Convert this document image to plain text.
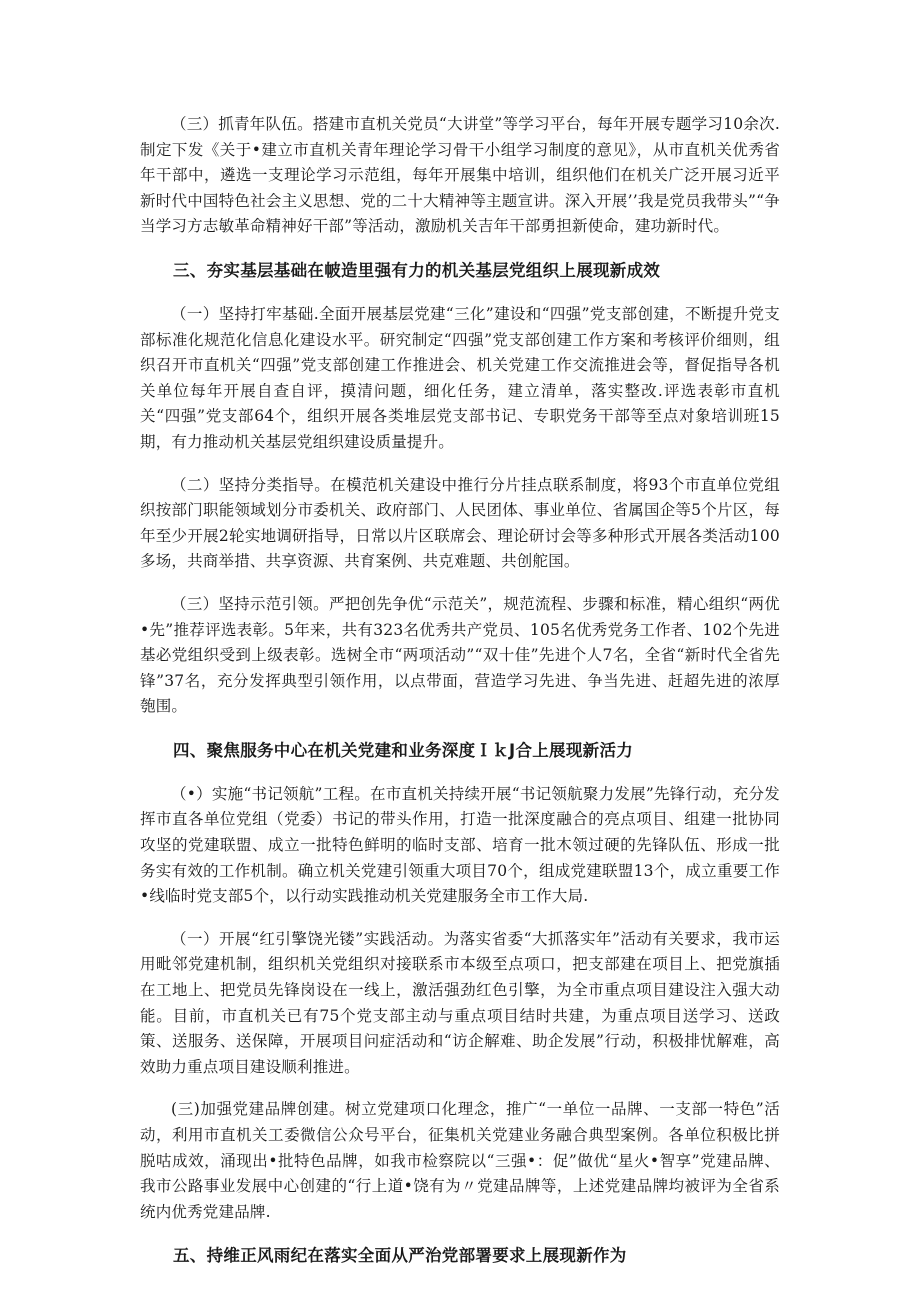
（三）抓青年队伍。搭建市直机关党员“大讲堂”等学习平台，每年开展专题学习10余次.制定下发《关于•建立市直机关青年理论学习骨干小组学习制度的意见》，从市直机关优秀省年干部中，遴选一支理论学习示范组，每年开展集中培训，组织他们在机关广泛开展习近平新时代中国特色社会主义思想、党的二十大精神等主题宣讲。深入开展’’我是党员我带头”“争当学习方志敏革命精神好干部”等活动，激励机关吉年干部勇担新使命，建功新时代。

三、夯实基层基础在帔造里强有力的机关基层党组织上展现新成效

（一）坚持打牢基础.全面开展基层党建“三化”建设和“四强”党支部创建，不断提升党支部标准化规范化信息化建设水平。研究制定“四强”党支部创建工作方案和考核评价细则，组织召开市直机关“四强”党支部创建工作推进会、机关党建工作交流推进会等，督促指导各机关单位每年开展自查自评，摸清问题，细化任务，建立清单，落实整改.评选表彰市直机关“四强”党支部64个，组织开展各类堆层党支部书记、专职党务干部等至点对象培训班15期，有力推动机关基层党组织建设质量提升。

（二）坚持分类指导。在模范机关建设中推行分片挂点联系制度，将93个市直单位党组织按部门职能领域划分市委机关、政府部门、人民团体、事业单位、省属国企等5个片区，每年至少开展2轮实地调研指导，日常以片区联席会、理论研讨会等多种形式开展各类活动100多场，共商举措、共享资源、共育案例、共克难题、共创舵国。

（三）坚持示范引领。严把创先争优“示范关”，规范流程、步骤和标准，精心组织“两优•先”推荐评选表彰。5年来，共有323名优秀共产党员、105名优秀党务工作者、102个先进基必党组织受到上级表彰。选树全市“两项活动”“双十佳”先进个人7名，全省“新时代全省先锋”37名，充分发挥典型引领作用，以点带面，营造学习先进、争当先进、赶超先进的浓厚匏围。

四、聚焦服务中心在机关党建和业务深度ＩｋJ合上展现新活力

（•）实施“书记领航”工程。在市直机关持续开展“书记领航聚力发展”先锋行动，充分发挥市直各单位党组（党委）书记的带头作用，打造一批深度融合的亮点项目、组建一批协同攻坚的党建联盟、成立一批特色鲜明的临时支部、培育一批木领过硬的先锋队伍、形成一批务实有效的工作机制。确立机关党建引领重大项目70个，组成党建联盟13个，成立重要工作•线临时党支部5个，以行动实践推动机关党建服务全市工作大局.

（一）开展“红引擎饶光镂”实践活动。为落实省委“大抓落实年”活动有关要求，我市运用毗邻党建机制，组织机关党组织对接联系市本级至点项口，把支部建在项目上、把党旗插在工地上、把党员先锋岗设在一线上，激活强劲红色引擎，为全市重点项目建设注入强大动能。目前，市直机关已有75个党支部主动与重点项目结时共建，为重点项目送学习、送政策、送服务、送保障，开展项目问症活动和“访企解难、助企发展”行动，积极排忧解难，高效助力重点项目建设顺利推进。

(三)加强党建品牌创建。树立党建项口化理念，推广“一单位一品牌、一支部一特色”活动，利用市直机关工委微信公众号平台，征集机关党建业务融合典型案例。各单位积极比拼脱咕成效，涌现出•批特色品牌，如我市检察院以“三强•：促”做优“星火•智享”党建品牌、我市公路事业发展中心创建的“行上道•饶有为〃党建品牌等，上述党建品牌均被评为全省系统内优秀党建品牌.

五、持维正风雨纪在落实全面从严治党部署要求上展现新作为
